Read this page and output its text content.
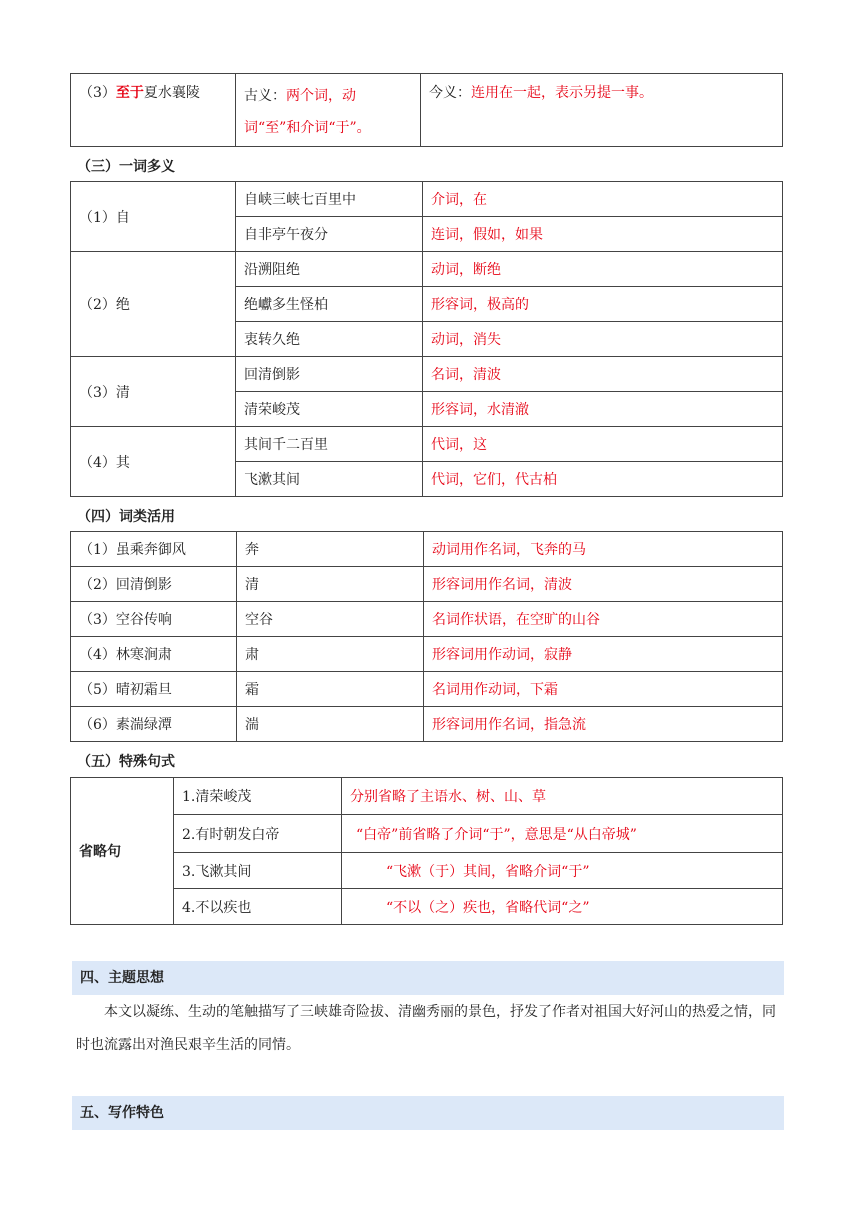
（3）至于夏水襄陵	古义：两个词，动词“至”和介词“于”。	今义：连用在一起，表示另提一事。
（三）一词多义
（1）自	自峡三峡七百里中	介词，在
	自非亭午夜分	连词，假如，如果
（2）绝	沿溯阻绝	动词，断绝
	绝巘多生怪柏	形容词，极高的
	衷转久绝	动词，消失
（3）清	回清倒影	名词，清波
	清荣峻茂	形容词，水清澈
（4）其	其间千二百里	代词，这
	飞漱其间	代词，它们，代古柏
（四）词类活用
（1）虽乘奔御风	奔	动词用作名词，飞奔的马
（2）回清倒影	清	形容词用作名词，清波
（3）空谷传响	空谷	名词作状语，在空旷的山谷
（4）林寒涧肃	肃	形容词用作动词，寂静
（5）晴初霜旦	霜	名词用作动词，下霜
（6）素湍绿潭	湍	形容词用作名词，指急流
（五）特殊句式
省略句	1.清荣峻茂	分别省略了主语水、树、山、草
	2.有时朝发白帝	“白帝”前省略了介词“于”，意思是“从白帝城”
	3.飞漱其间	“飞漱（于）其间，省略介词“于”
	4.不以疾也	“不以（之）疾也，省略代词“之”
四、主题思想
本文以凝练、生动的笔触描写了三峡雄奇险拔、清幽秀丽的景色，抒发了作者对祖国大好河山的热爱之情，同时也流露出对渔民艰辛生活的同情。
五、写作特色
